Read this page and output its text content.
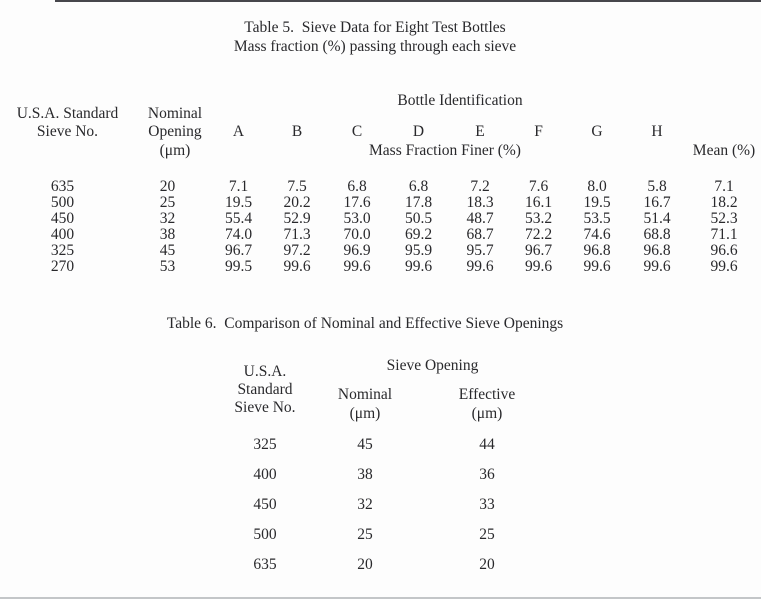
Table 5.  Sieve Data for Eight Test Bottles
Mass fraction (%) passing through each sieve
Bottle Identification
U.S.A. Standard
Sieve No.
Nominal
Opening
(μm)
A	B	C	D	E	F	G	H
Mass Fraction Finer (%)	Mean (%)
635	20	7.1	7.5	6.8	6.8	7.2	7.6	8.0	5.8	7.1
500	25	19.5	20.2	17.6	17.8	18.3	16.1	19.5	16.7	18.2
450	32	55.4	52.9	53.0	50.5	48.7	53.2	53.5	51.4	52.3
400	38	74.0	71.3	70.0	69.2	68.7	72.2	74.6	68.8	71.1
325	45	96.7	97.2	96.9	95.9	95.7	96.7	96.8	96.8	96.6
270	53	99.5	99.6	99.6	99.6	99.6	99.6	99.6	99.6	99.6
Table 6.  Comparison of Nominal and Effective Sieve Openings
U.S.A.
Standard
Sieve No.
Sieve Opening
Nominal
(μm)
Effective
(μm)
325	45	44
400	38	36
450	32	33
500	25	25
635	20	20
